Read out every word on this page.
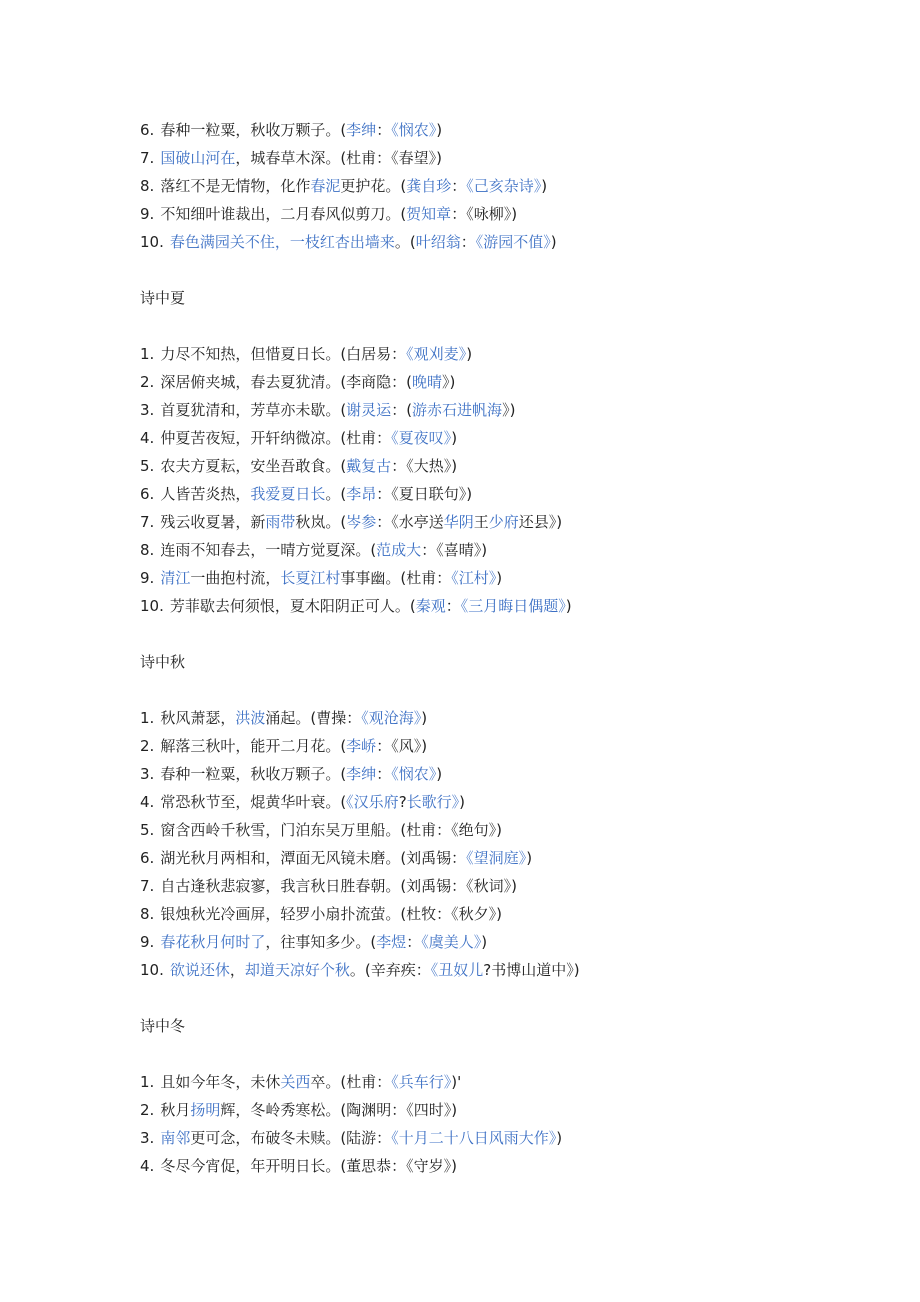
6. 春种一粒粟，秋收万颗子。(李绅：《悯农》)
7. 国破山河在，城春草木深。(杜甫：《春望》)
8. 落红不是无情物，化作春泥更护花。(龚自珍：《己亥杂诗》)
9. 不知细叶谁裁出，二月春风似剪刀。(贺知章：《咏柳》)
10. 春色满园关不住，一枝红杏出墙来。(叶绍翁：《游园不值》)
诗中夏
1. 力尽不知热，但惜夏日长。(白居易：《观刈麦》)
2. 深居俯夹城，春去夏犹清。(李商隐：(晚晴》)
3. 首夏犹清和，芳草亦未歇。(谢灵运：(游赤石进帆海》)
4. 仲夏苦夜短，开轩纳微凉。(杜甫：《夏夜叹》)
5. 农夫方夏耘，安坐吾敢食。(戴复古：《大热》)
6. 人皆苦炎热，我爱夏日长。(李昂：《夏日联句》)
7. 残云收夏暑，新雨带秋岚。(岑参：《水亭送华阴王少府还县》)
8. 连雨不知春去，一晴方觉夏深。(范成大：《喜晴》)
9. 清江一曲抱村流，长夏江村事事幽。(杜甫：《江村》)
10. 芳菲歇去何须恨，夏木阳阴正可人。(秦观：《三月晦日偶题》)
诗中秋
1. 秋风萧瑟，洪波涌起。(曹操：《观沧海》)
2. 解落三秋叶，能开二月花。(李峤：《风》)
3. 春种一粒粟，秋收万颗子。(李绅：《悯农》)
4. 常恐秋节至，焜黄华叶衰。(《汉乐府?长歌行》)
5. 窗含西岭千秋雪，门泊东吴万里船。(杜甫：《绝句》)
6. 湖光秋月两相和，潭面无风镜未磨。(刘禹锡：《望洞庭》)
7. 自古逢秋悲寂寥，我言秋日胜春朝。(刘禹锡：《秋词》)
8. 银烛秋光冷画屏，轻罗小扇扑流萤。(杜牧：《秋夕》)
9. 春花秋月何时了，往事知多少。(李煜：《虞美人》)
10. 欲说还休，却道天凉好个秋。(辛弃疾：《丑奴儿?书博山道中》)
诗中冬
1. 且如今年冬，未休关西卒。(杜甫：《兵车行》)'
2. 秋月扬明辉，冬岭秀寒松。(陶渊明：《四时》)
3. 南邻更可念，布破冬未赎。(陆游：《十月二十八日风雨大作》)
4. 冬尽今宵促，年开明日长。(董思恭：《守岁》)
